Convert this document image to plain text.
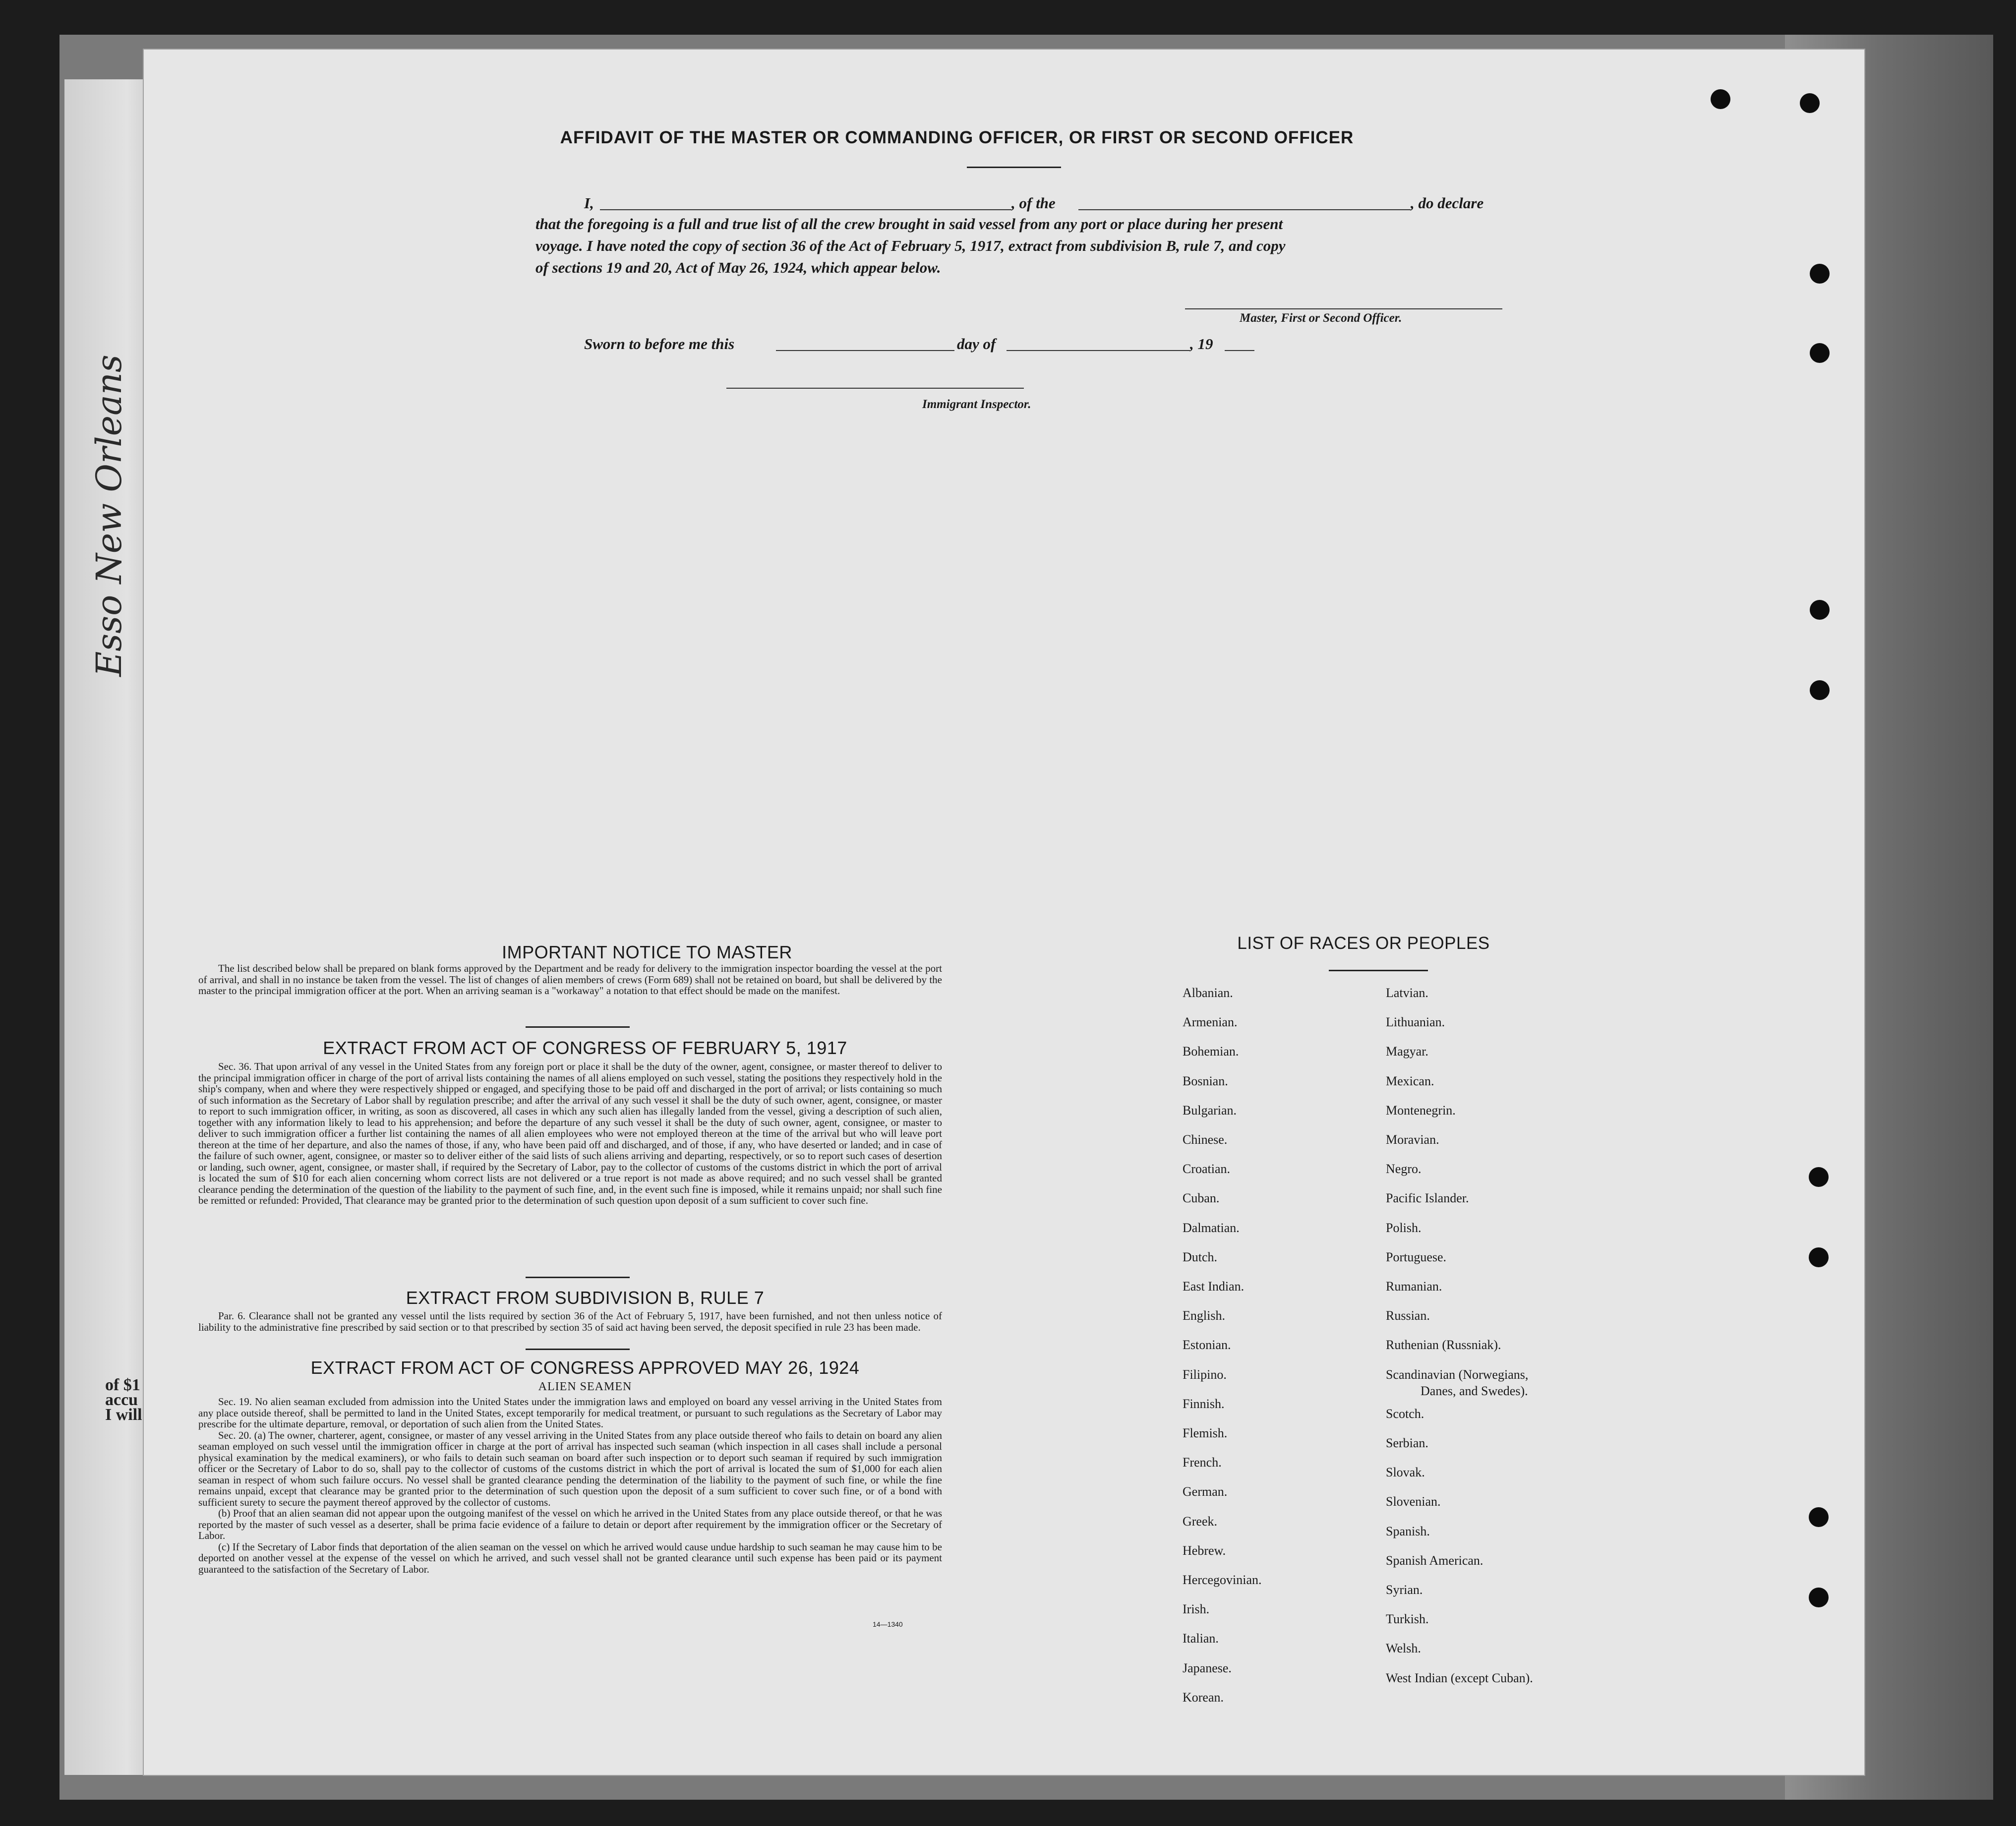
Esso New Orleans
of $1
accu
I will
AFFIDAVIT OF THE MASTER OR COMMANDING OFFICER, OR FIRST OR SECOND OFFICER
I,	, of the	, do declare
that the foregoing is a full and true list of all the crew brought in said vessel from any port or place during her present
voyage. I have noted the copy of section 36 of the Act of February 5, 1917, extract from subdivision B, rule 7, and copy
of sections 19 and 20, Act of May 26, 1924, which appear below.
Master, First or Second Officer.
Sworn to before me this	day of	, 19
Immigrant Inspector.
IMPORTANT NOTICE TO MASTER

The list described below shall be prepared on blank forms approved by the Department and be ready for delivery to the immigration inspector boarding the vessel at the port of arrival, and shall in no instance be taken from the vessel. The list of changes of alien members of crews (Form 689) shall not be retained on board, but shall be delivered by the master to the principal immigration officer at the port. When an arriving seaman is a "workaway" a notation to that effect should be made on the manifest.

EXTRACT FROM ACT OF CONGRESS OF FEBRUARY 5, 1917

Sec. 36. That upon arrival of any vessel in the United States from any foreign port or place it shall be the duty of the owner, agent, consignee, or master thereof to deliver to the principal immigration officer in charge of the port of arrival lists containing the names of all aliens employed on such vessel, stating the positions they respectively hold in the ship's company, when and where they were respectively shipped or engaged, and specifying those to be paid off and discharged in the port of arrival; or lists containing so much of such information as the Secretary of Labor shall by regulation prescribe; and after the arrival of any such vessel it shall be the duty of such owner, agent, consignee, or master to report to such immigration officer, in writing, as soon as discovered, all cases in which any such alien has illegally landed from the vessel, giving a description of such alien, together with any information likely to lead to his apprehension; and before the departure of any such vessel it shall be the duty of such owner, agent, consignee, or master to deliver to such immigration officer a further list containing the names of all alien employees who were not employed thereon at the time of the arrival but who will leave port thereon at the time of her departure, and also the names of those, if any, who have been paid off and discharged, and of those, if any, who have deserted or landed; and in case of the failure of such owner, agent, consignee, or master so to deliver either of the said lists of such aliens arriving and departing, respectively, or so to report such cases of desertion or landing, such owner, agent, consignee, or master shall, if required by the Secretary of Labor, pay to the collector of customs of the customs district in which the port of arrival is located the sum of $10 for each alien concerning whom correct lists are not delivered or a true report is not made as above required; and no such vessel shall be granted clearance pending the determination of the question of the liability to the payment of such fine, and, in the event such fine is imposed, while it remains unpaid; nor shall such fine be remitted or refunded: Provided, That clearance may be granted prior to the determination of such question upon deposit of a sum sufficient to cover such fine.

EXTRACT FROM SUBDIVISION B, RULE 7

Par. 6. Clearance shall not be granted any vessel until the lists required by section 36 of the Act of February 5, 1917, have been furnished, and not then unless notice of liability to the administrative fine prescribed by said section or to that prescribed by section 35 of said act having been served, the deposit specified in rule 23 has been made.

EXTRACT FROM ACT OF CONGRESS APPROVED MAY 26, 1924
ALIEN SEAMEN

Sec. 19. No alien seaman excluded from admission into the United States under the immigration laws and employed on board any vessel arriving in the United States from any place outside thereof, shall be permitted to land in the United States, except temporarily for medical treatment, or pursuant to such regulations as the Secretary of Labor may prescribe for the ultimate departure, removal, or deportation of such alien from the United States.

Sec. 20. (a) The owner, charterer, agent, consignee, or master of any vessel arriving in the United States from any place outside thereof who fails to detain on board any alien seaman employed on such vessel until the immigration officer in charge at the port of arrival has inspected such seaman (which inspection in all cases shall include a personal physical examination by the medical examiners), or who fails to detain such seaman on board after such inspection or to deport such seaman if required by such immigration officer or the Secretary of Labor to do so, shall pay to the collector of customs of the customs district in which the port of arrival is located the sum of $1,000 for each alien seaman in respect of whom such failure occurs. No vessel shall be granted clearance pending the determination of the liability to the payment of such fine, or while the fine remains unpaid, except that clearance may be granted prior to the determination of such question upon the deposit of a sum sufficient to cover such fine, or of a bond with sufficient surety to secure the payment thereof approved by the collector of customs.

(b) Proof that an alien seaman did not appear upon the outgoing manifest of the vessel on which he arrived in the United States from any place outside thereof, or that he was reported by the master of such vessel as a deserter, shall be prima facie evidence of a failure to detain or deport after requirement by the immigration officer or the Secretary of Labor.

(c) If the Secretary of Labor finds that deportation of the alien seaman on the vessel on which he arrived would cause undue hardship to such seaman he may cause him to be deported on another vessel at the expense of the vessel on which he arrived, and such vessel shall not be granted clearance until such expense has been paid or its payment guaranteed to the satisfaction of the Secretary of Labor.

14—1340
LIST OF RACES OR PEOPLES
Albanian.
Armenian.
Bohemian.
Bosnian.
Bulgarian.
Chinese.
Croatian.
Cuban.
Dalmatian.
Dutch.
East Indian.
English.
Estonian.
Filipino.
Finnish.
Flemish.
French.
German.
Greek.
Hebrew.
Hercegovinian.
Irish.
Italian.
Japanese.
Korean.
Latvian.
Lithuanian.
Magyar.
Mexican.
Montenegrin.
Moravian.
Negro.
Pacific Islander.
Polish.
Portuguese.
Rumanian.
Russian.
Ruthenian (Russniak).
Scandinavian (Norwegians,
Danes, and Swedes).
Scotch.
Serbian.
Slovak.
Slovenian.
Spanish.
Spanish American.
Syrian.
Turkish.
Welsh.
West Indian (except Cuban).
